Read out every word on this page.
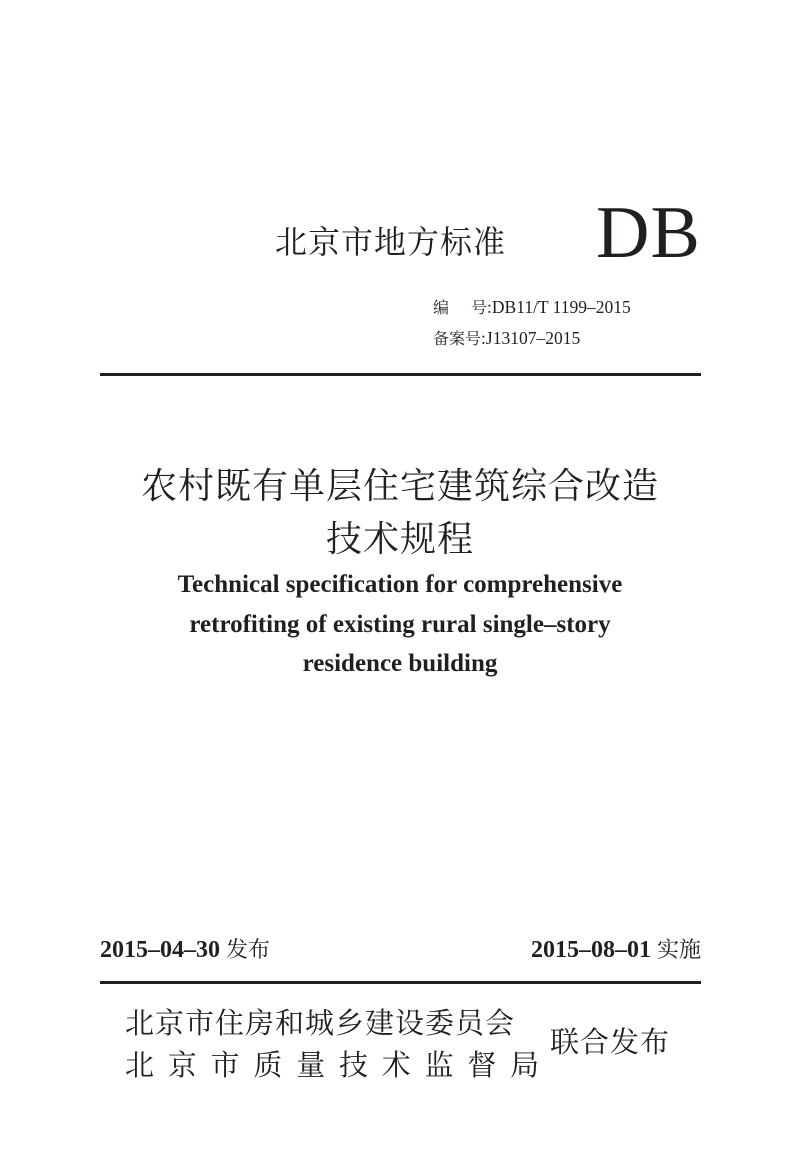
北京市地方标准 DB
编 号:DB11/T 1199–2015
备案号:J13107–2015
农村既有单层住宅建筑综合改造
技术规程
Technical specification for comprehensive
retrofiting of existing rural single–story
residence building
2015–04–30 发布	2015–08–01 实施
北京市住房和城乡建设委员会
北 京 市 质 量 技 术 监 督 局
联合发布
